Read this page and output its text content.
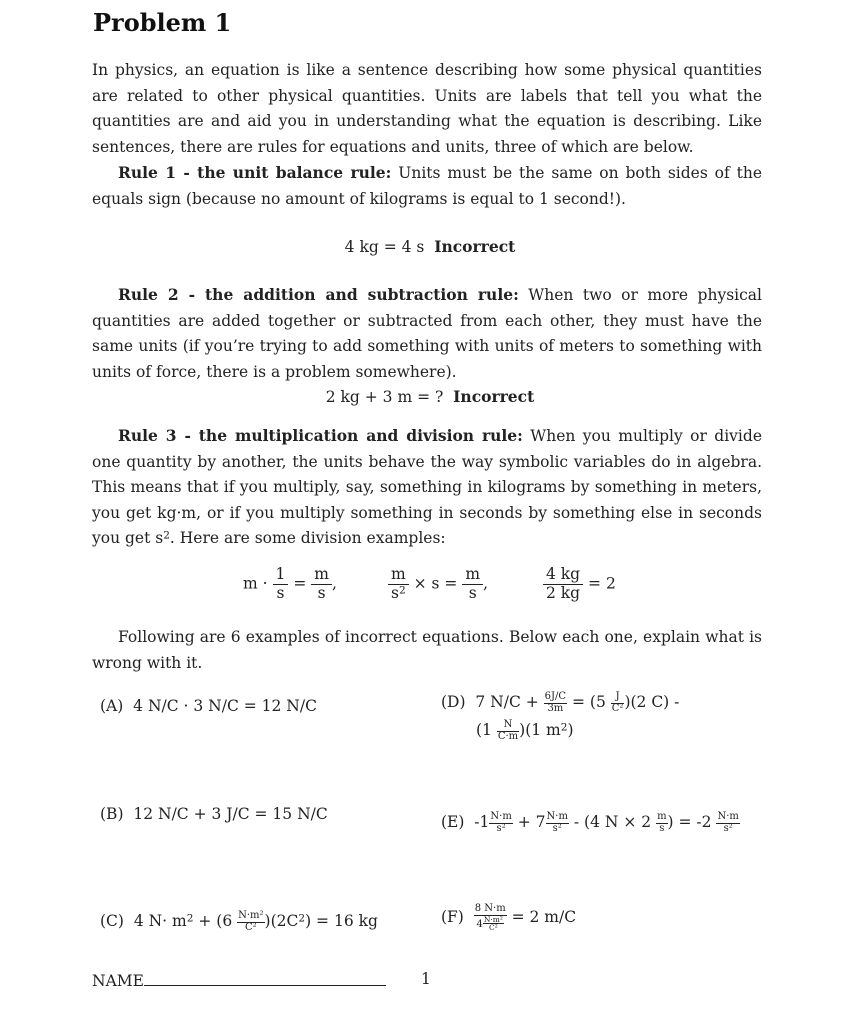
Problem 1

In physics, an equation is like a sentence describing how some physical quantities are related to other physical quantities. Units are labels that tell you what the quantities are and aid you in understanding what the equation is describing. Like sentences, there are rules for equations and units, three of which are below.

Rule 1 - the unit balance rule: Units must be the same on both sides of the equals sign (because no amount of kilograms is equal to 1 second!).

4 kg = 4 s Incorrect

Rule 2 - the addition and subtraction rule: When two or more physical quantities are added together or subtracted from each other, they must have the same units (if you’re trying to add something with units of meters to something with units of force, there is a problem somewhere).

2 kg + 3 m = ? Incorrect

Rule 3 - the multiplication and division rule: When you multiply or divide one quantity by another, the units behave the way symbolic variables do in algebra. This means that if you multiply, say, something in kilograms by something in meters, you get kg·m, or if you multiply something in seconds by something else in seconds you get $s^2$. Here are some division examples:

$m \cdot \frac{1}{s} = \frac{m}{s}$ ,	$\frac{m}{s^2} \times s = \frac{m}{s}$ ,	$\frac{4 kg}{2 kg} = 2$

Following are 6 examples of incorrect equations. Below each one, explain what is wrong with it.

(A) 4 N/C · 3 N/C = 12 N/C	(D) 7 $N/C + \frac{6J/C}{3m} = (5 \frac{J}{\text{C²}} )(2$ C) -
$(1 \frac{N}{C\cdot m} )(1$ $m^2$)
(B) 12 N/C + 3 J/C = 15 N/C	(E) $-1 \frac{N\cdot m}{\text{s²}} + 7 \frac{N\cdot m}{\text{s²}} - (4$ $N \times 2 \frac{m}{s}$ ) = $-2 \frac{N\cdot m}{\text{s²}}$
(C) 4 $N\cdot m^2 + (6 \frac{\text{N·m²}}{\text{C²}} )(2C^2) = 16$ kg	$(F) \frac{8 N\cdot m}{4 \frac{\text{N·m²}}{\text{C²}}} = 2$ m/C
NAME	1
